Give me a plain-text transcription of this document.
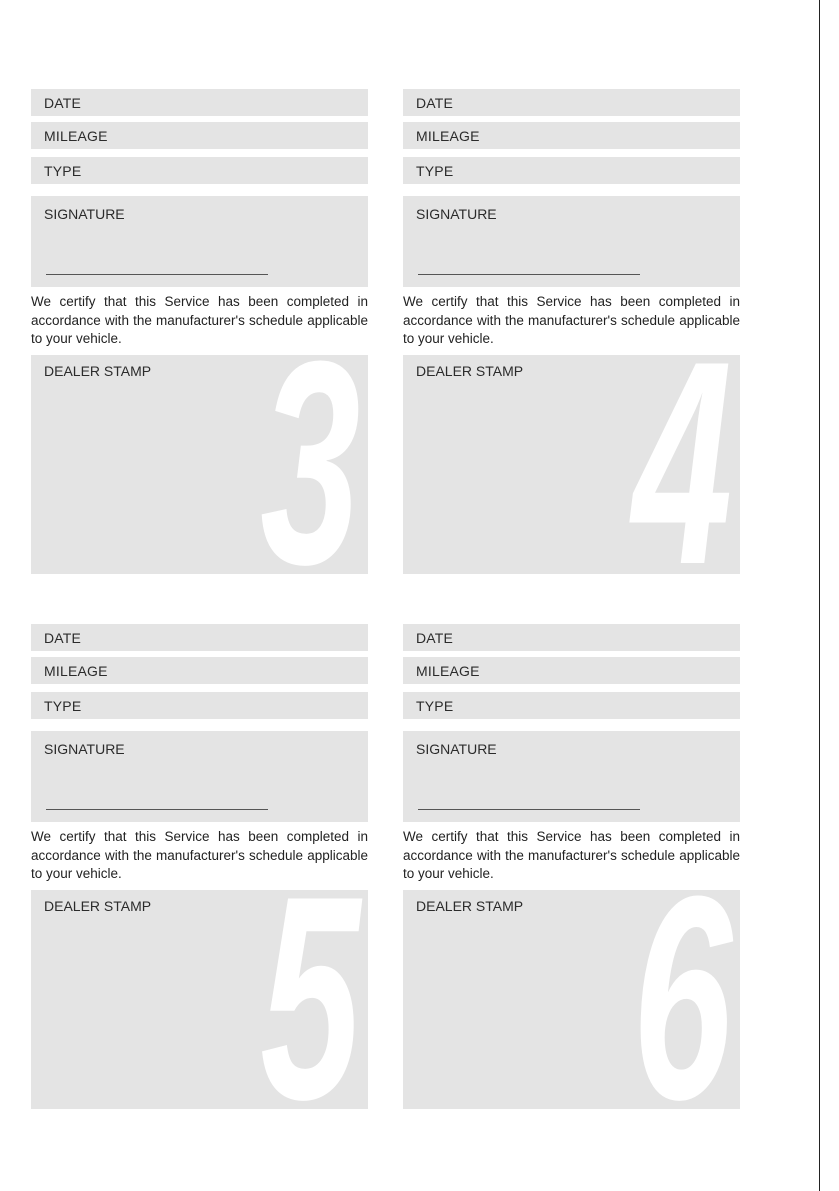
DATE
MILEAGE
TYPE
SIGNATURE

We certify that this Service has been completed in accordance with the manufacturer's schedule applicable to your vehicle.

DEALER STAMP 3
DATE
MILEAGE
TYPE
SIGNATURE

We certify that this Service has been completed in accordance with the manufacturer's schedule applicable to your vehicle.

DEALER STAMP 4
DATE
MILEAGE
TYPE
SIGNATURE

We certify that this Service has been completed in accordance with the manufacturer's schedule applicable to your vehicle.

DEALER STAMP 5
DATE
MILEAGE
TYPE
SIGNATURE

We certify that this Service has been completed in accordance with the manufacturer's schedule applicable to your vehicle.

DEALER STAMP 6
